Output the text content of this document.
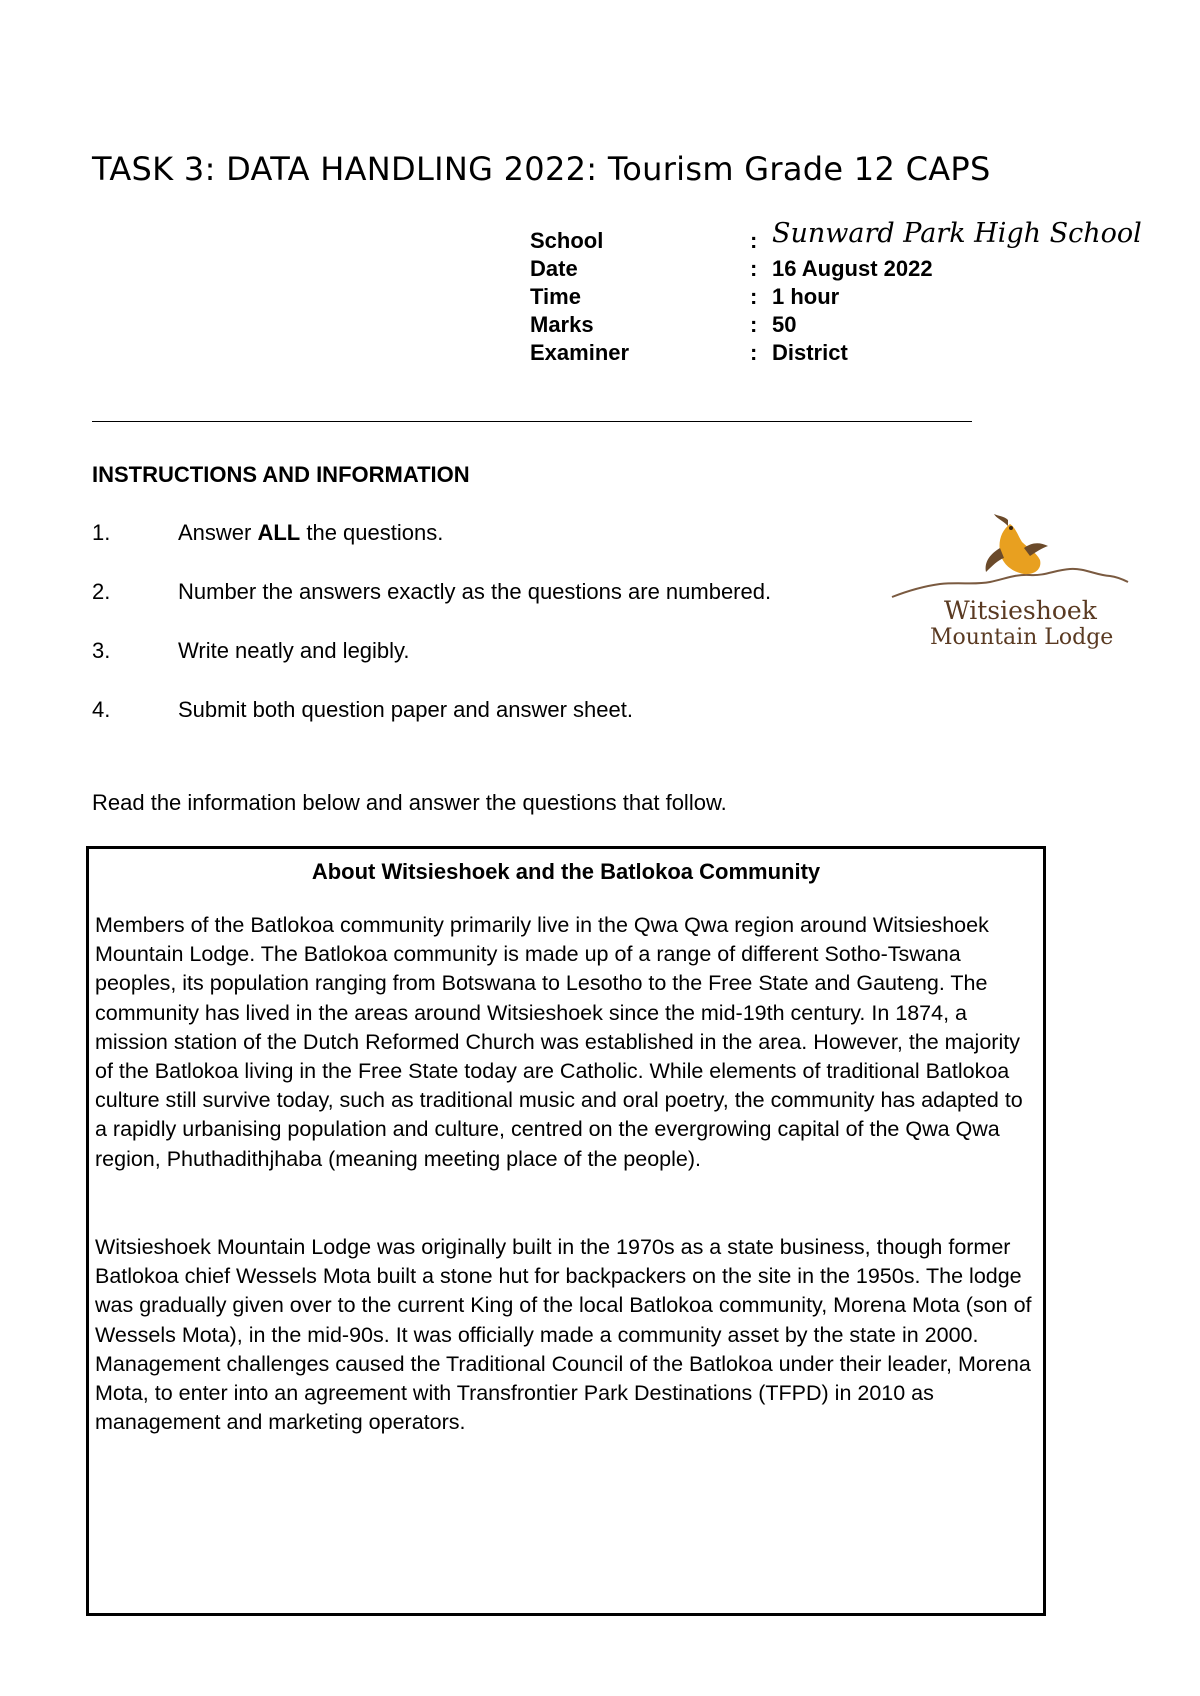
TASK 3: DATA HANDLING 2022: Tourism Grade 12 CAPS
School	: Sunward Park High School
Date	: 16 August 2022
Time	: 1 hour
Marks	: 50
Examiner	: District
INSTRUCTIONS AND INFORMATION
1.	Answer ALL the questions.
2.	Number the answers exactly as the questions are numbered.
3.	Write neatly and legibly.
4.	Submit both question paper and answer sheet.
Witsieshoek
Mountain Lodge
Read the information below and answer the questions that follow.
About Witsieshoek and the Batlokoa Community
Members of the Batlokoa community primarily live in the Qwa Qwa region around Witsieshoek Mountain Lodge. The Batlokoa community is made up of a range of different Sotho-Tswana peoples, its population ranging from Botswana to Lesotho to the Free State and Gauteng. The community has lived in the areas around Witsieshoek since the mid-19th century. In 1874, a mission station of the Dutch Reformed Church was established in the area. However, the majority of the Batlokoa living in the Free State today are Catholic. While elements of traditional Batlokoa culture still survive today, such as traditional music and oral poetry, the community has adapted to a rapidly urbanising population and culture, centred on the evergrowing capital of the Qwa Qwa region, Phuthadithjhaba (meaning meeting place of the people).
Witsieshoek Mountain Lodge was originally built in the 1970s as a state business, though former Batlokoa chief Wessels Mota built a stone hut for backpackers on the site in the 1950s. The lodge was gradually given over to the current King of the local Batlokoa community, Morena Mota (son of Wessels Mota), in the mid-90s. It was officially made a community asset by the state in 2000. Management challenges caused the Traditional Council of the Batlokoa under their leader, Morena Mota, to enter into an agreement with Transfrontier Park Destinations (TFPD) in 2010 as management and marketing operators.
